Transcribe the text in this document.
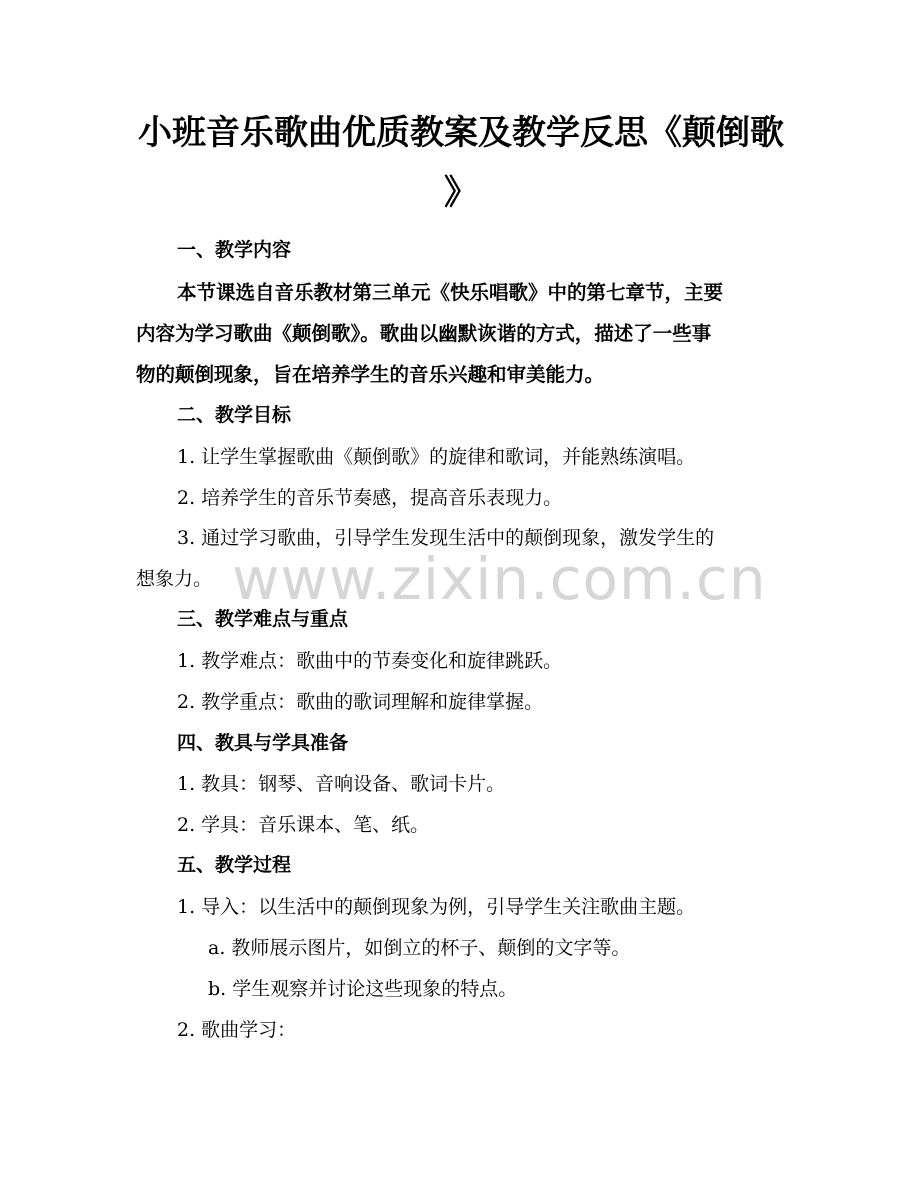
小班音乐歌曲优质教案及教学反思《颠倒歌
》
一、教学内容
本节课选自音乐教材第三单元《快乐唱歌》中的第七章节，主要
内容为学习歌曲《颠倒歌》。歌曲以幽默诙谐的方式，描述了一些事
物的颠倒现象，旨在培养学生的音乐兴趣和审美能力。
二、教学目标
1. 让学生掌握歌曲《颠倒歌》的旋律和歌词，并能熟练演唱。
2. 培养学生的音乐节奏感，提高音乐表现力。
3. 通过学习歌曲，引导学生发现生活中的颠倒现象，激发学生的
想象力。
三、教学难点与重点
1. 教学难点：歌曲中的节奏变化和旋律跳跃。
2. 教学重点：歌曲的歌词理解和旋律掌握。
四、教具与学具准备
1. 教具：钢琴、音响设备、歌词卡片。
2. 学具：音乐课本、笔、纸。
五、教学过程
1. 导入：以生活中的颠倒现象为例，引导学生关注歌曲主题。
a. 教师展示图片，如倒立的杯子、颠倒的文字等。
b. 学生观察并讨论这些现象的特点。
2. 歌曲学习：
www.zixin.com.cn
